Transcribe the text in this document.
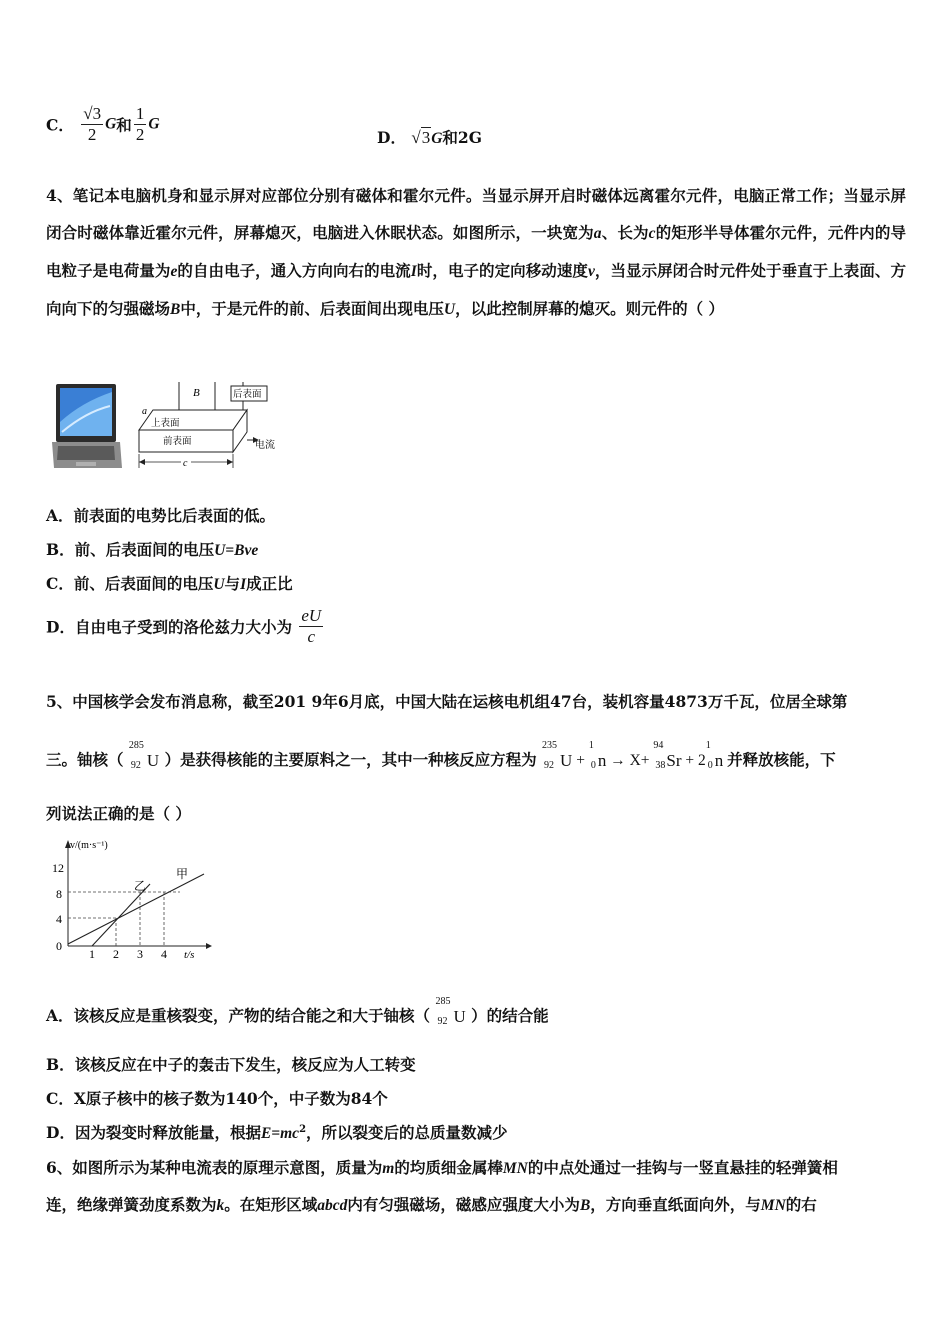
C． $\frac{√3}{2}$ G和 $\frac{1}{2}$ G
D． √3G和2G
4、笔记本电脑机身和显示屏对应部位分别有磁体和霍尔元件。当显示屏开启时磁体远离霍尔元件，电脑正常工作；当显示屏闭合时磁体靠近霍尔元件，屏幕熄灭，电脑进入休眠状态。如图所示，一块宽为a、长为c的矩形半导体霍尔元件，元件内的导电粒子是电荷量为e的自由电子，通入方向向右的电流I时，电子的定向移动速度v，当显示屏闭合时元件处于垂直于上表面、方向向下的匀强磁场B中，于是元件的前、后表面间出现电压U，以此控制屏幕的熄灭。则元件的（ ）
B	后表面
上表面
前表面
a
电流
c
A．前表面的电势比后表面的低。
B．前、后表面间的电压U=Bve
C．前、后表面间的电压U与I成正比
D．自由电子受到的洛伦兹力大小为 $\frac{eU}{c}$
5、中国核学会发布消息称，截至201 9年6月底，中国大陆在运核电机组47台，装机容量4873万千瓦，位居全球第
三。铀核（
285
92 U ）是获得核能的主要原料之一，其中一种核反应方程为
235
92 U +
1
0 n → X+
94
38 Sr + 2
1
0 n 并释放核能，下
列说法正确的是（ ）
v/(m·s⁻¹)
t/s
12
8
4
0
1 2 3 4
乙
甲
A．该核反应是重核裂变，产物的结合能之和大于铀核（
285
92 U ）的结合能
B．该核反应在中子的轰击下发生，核反应为人工转变
C．X原子核中的核子数为140个，中子数为84个
D．因为裂变时释放能量，根据$E=mc^2$，所以裂变后的总质量数减少
6、如图所示为某种电流表的原理示意图，质量为m的均质细金属棒MN的中点处通过一挂钩与一竖直悬挂的轻弹簧相
连，绝缘弹簧劲度系数为k。在矩形区域abcd内有匀强磁场，磁感应强度大小为B，方向垂直纸面向外，与MN的右
